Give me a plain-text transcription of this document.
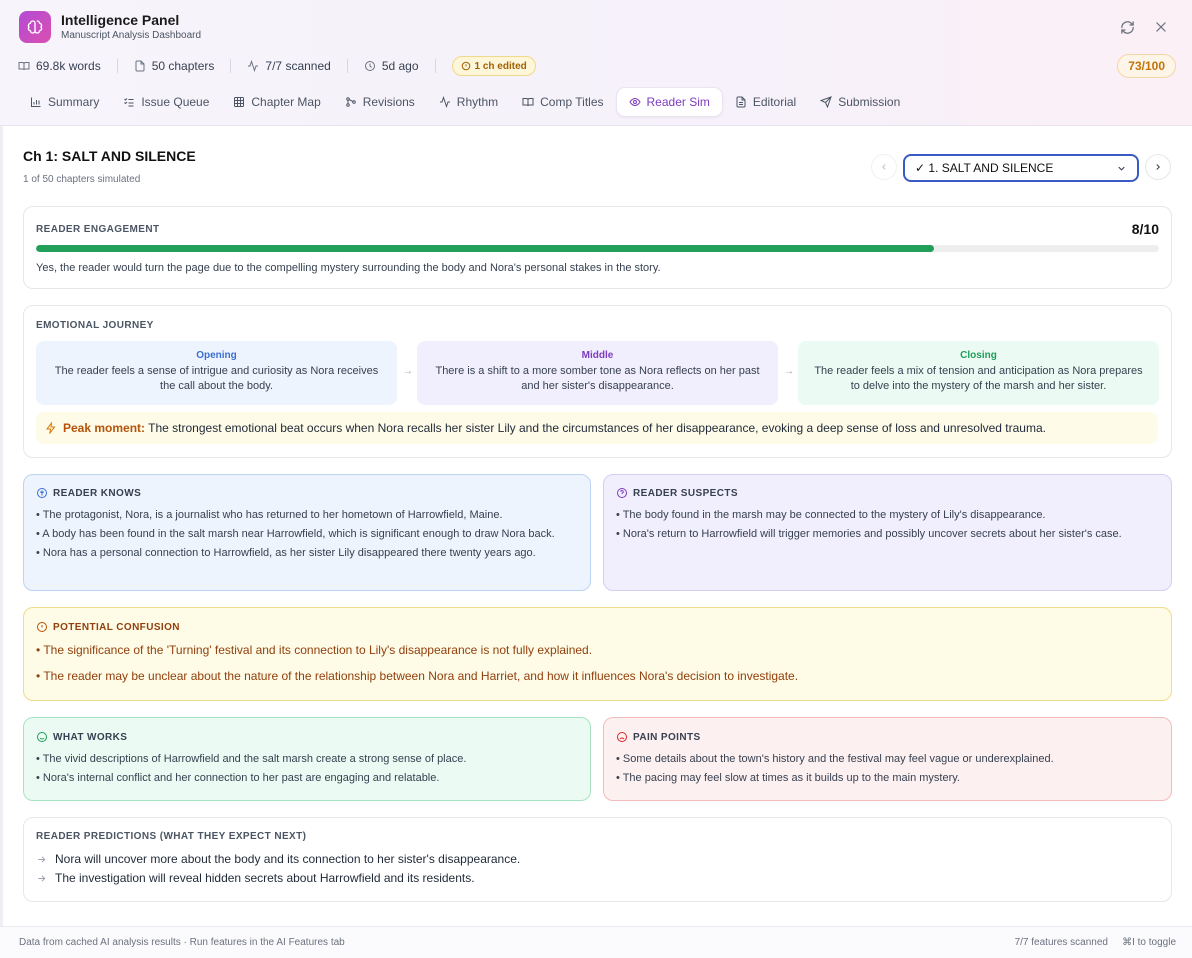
Intelligence Panel
Manuscript Analysis Dashboard
69.8k words	50 chapters	7/7 scanned	5d ago	1 ch edited	73/100
Summary	Issue Queue	Chapter Map	Revisions	Rhythm	Comp Titles	Reader Sim	Editorial	Submission
Ch 1: SALT AND SILENCE
1 of 50 chapters simulated
✓ 1. SALT AND SILENCE
READER ENGAGEMENT	8/10
Yes, the reader would turn the page due to the compelling mystery surrounding the body and Nora's personal stakes in the story.
EMOTIONAL JOURNEY
Opening
The reader feels a sense of intrigue and curiosity as Nora receives the call about the body.
→
Middle
There is a shift to a more somber tone as Nora reflects on her past and her sister's disappearance.
→
Closing
The reader feels a mix of tension and anticipation as Nora prepares to delve into the mystery of the marsh and her sister.
Peak moment: The strongest emotional beat occurs when Nora recalls her sister Lily and the circumstances of her disappearance, evoking a deep sense of loss and unresolved trauma.
READER KNOWS
• The protagonist, Nora, is a journalist who has returned to her hometown of Harrowfield, Maine.
• A body has been found in the salt marsh near Harrowfield, which is significant enough to draw Nora back.
• Nora has a personal connection to Harrowfield, as her sister Lily disappeared there twenty years ago.
READER SUSPECTS
• The body found in the marsh may be connected to the mystery of Lily's disappearance.
• Nora's return to Harrowfield will trigger memories and possibly uncover secrets about her sister's case.
POTENTIAL CONFUSION
• The significance of the 'Turning' festival and its connection to Lily's disappearance is not fully explained.
• The reader may be unclear about the nature of the relationship between Nora and Harriet, and how it influences Nora's decision to investigate.
WHAT WORKS
• The vivid descriptions of Harrowfield and the salt marsh create a strong sense of place.
• Nora's internal conflict and her connection to her past are engaging and relatable.
PAIN POINTS
• Some details about the town's history and the festival may feel vague or underexplained.
• The pacing may feel slow at times as it builds up to the main mystery.
READER PREDICTIONS (WHAT THEY EXPECT NEXT)
Nora will uncover more about the body and its connection to her sister's disappearance.
The investigation will reveal hidden secrets about Harrowfield and its residents.
Data from cached AI analysis results · Run features in the AI Features tab	7/7 features scanned ⌘I to toggle
